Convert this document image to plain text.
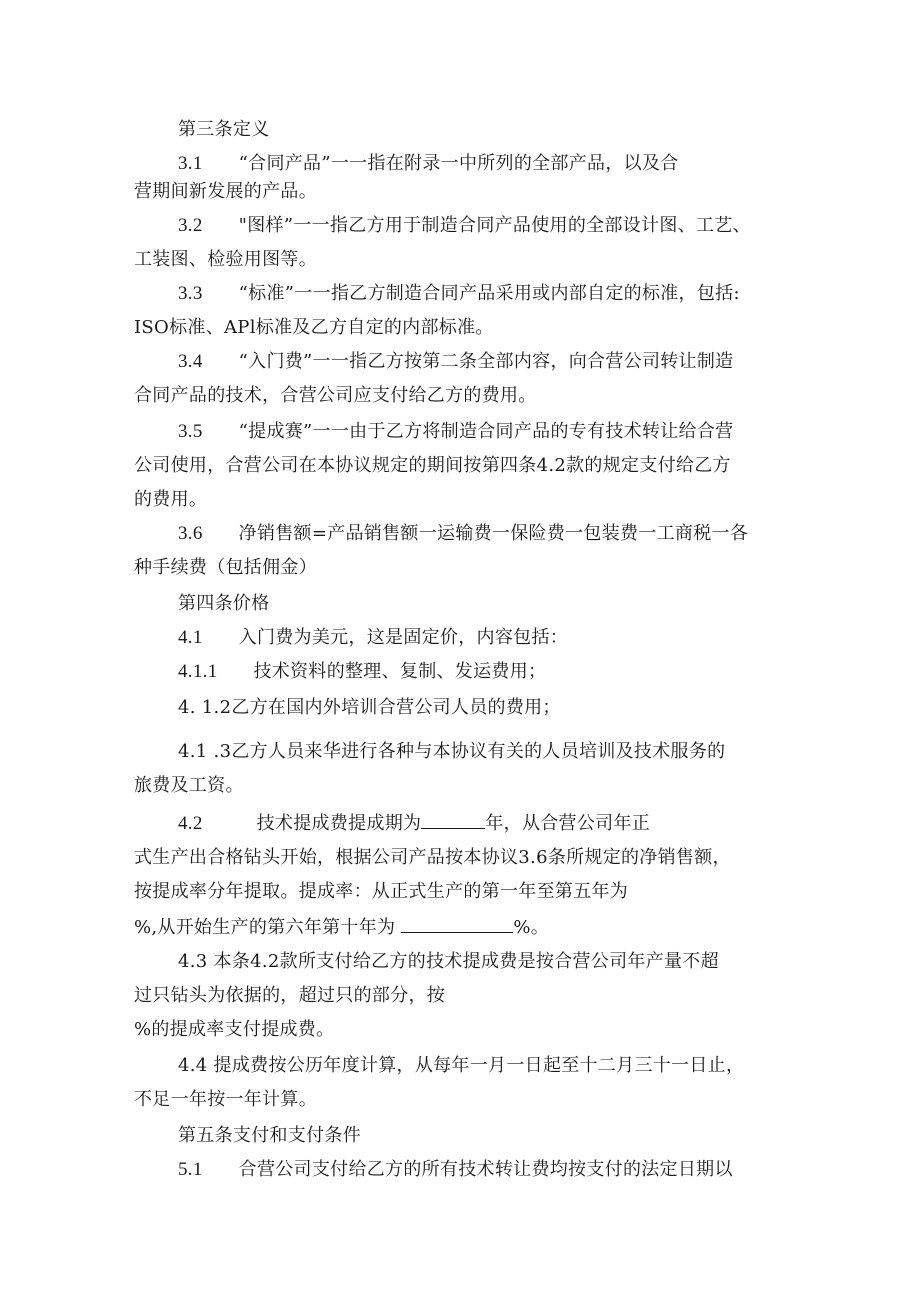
第三条定义
3.1 “合同产品”一一指在附录一中所列的全部产品，以及合
营期间新发展的产品。
3.2 "图样”一一指乙方用于制造合同产品使用的全部设计图、工艺、
工装图、检验用图等。
3.3 “标准”一一指乙方制造合同产品采用或内部自定的标准，包括:
ISO标准、APl标准及乙方自定的内部标准。
3.4 “入门费”一一指乙方按第二条全部内容，向合营公司转让制造
合同产品的技术，合营公司应支付给乙方的费用。
3.5 “提成赛”一一由于乙方将制造合同产品的专有技术转让给合营
公司使用，合营公司在本协议规定的期间按第四条4.2款的规定支付给乙方
的费用。
3.6 净销售额=产品销售额一运输费一保险费一包装费一工商税一各
种手续费（包括佣金）
第四条价格
4.1 入门费为美元，这是固定价，内容包括：
4.1.1 技术资料的整理、复制、发运费用；
4. 1.2乙方在国内外培训合营公司人员的费用；
4.1 .3乙方人员来华进行各种与本协议有关的人员培训及技术服务的
旅费及工资。
4.2	技术提成费提成期为	年，从合营公司年正
式生产出合格钻头开始，根据公司产品按本协议3.6条所规定的净销售额，
按提成率分年提取。提成率：从正式生产的第一年至第五年为
%,从开始生产的第六年第十年为	%。
4.3 本条4.2款所支付给乙方的技术提成费是按合营公司年产量不超
过只钻头为依据的，超过只的部分，按
%的提成率支付提成费。
4.4 提成费按公历年度计算，从每年一月一日起至十二月三十一日止，
不足一年按一年计算。
第五条支付和支付条件
5.1 合营公司支付给乙方的所有技术转让费均按支付的法定日期以
